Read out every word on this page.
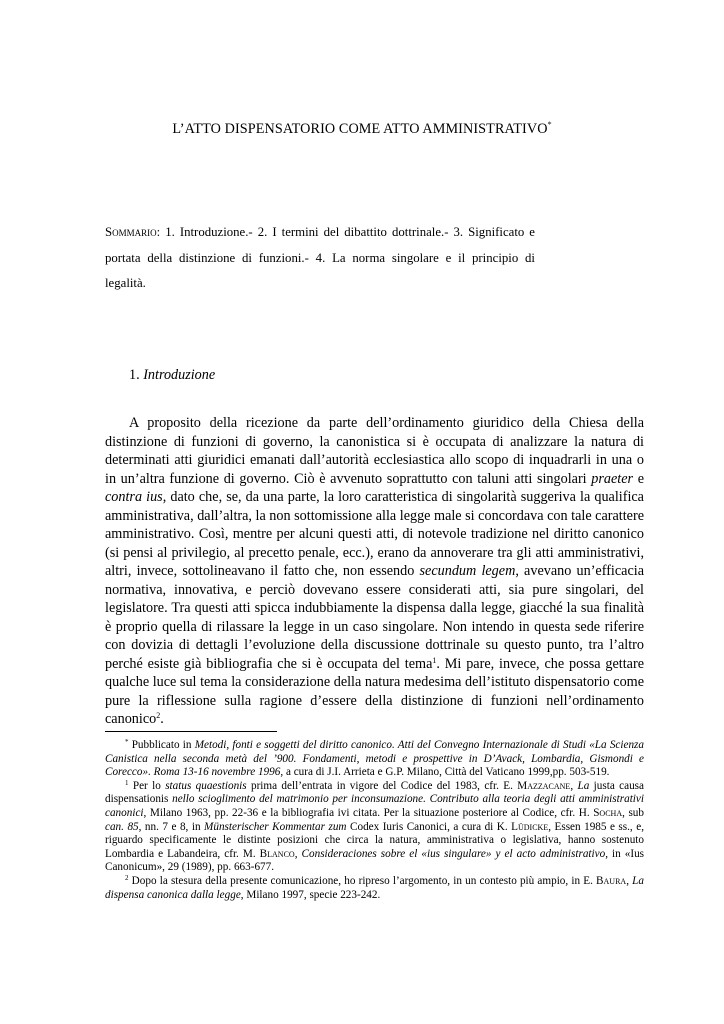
L’ATTO DISPENSATORIO COME ATTO AMMINISTRATIVO*
Sommario: 1. Introduzione.- 2. I termini del dibattito dottrinale.- 3. Significato e portata della distinzione di funzioni.- 4. La norma singolare e il principio di legalità.
1. Introduzione
A proposito della ricezione da parte dell’ordinamento giuridico della Chiesa della distinzione di funzioni di governo, la canonistica si è occupata di analizzare la natura di determinati atti giuridici emanati dall’autorità ecclesiastica allo scopo di inquadrarli in una o in un’altra funzione di governo. Ciò è avvenuto soprattutto con taluni atti singolari praeter e contra ius, dato che, se, da una parte, la loro caratteristica di singolarità suggeriva la qualifica amministrativa, dall’altra, la non sottomissione alla legge male si concordava con tale carattere amministrativo. Così, mentre per alcuni questi atti, di notevole tradizione nel diritto canonico (si pensi al privilegio, al precetto penale, ecc.), erano da annoverare tra gli atti amministrativi, altri, invece, sottolineavano il fatto che, non essendo secundum legem, avevano un’efficacia normativa, innovativa, e perciò dovevano essere considerati atti, sia pure singolari, del legislatore. Tra questi atti spicca indubbiamente la dispensa dalla legge, giacché la sua finalità è proprio quella di rilassare la legge in un caso singolare. Non intendo in questa sede riferire con dovizia di dettagli l’evoluzione della discussione dottrinale su questo punto, tra l’altro perché esiste già bibliografia che si è occupata del tema$^1$. Mi pare, invece, che possa gettare qualche luce sul tema la considerazione della natura medesima dell’istituto dispensatorio come pure la riflessione sulla ragione d’essere della distinzione di funzioni nell’ordinamento canonico$^2$.

* Pubblicato in Metodi, fonti e soggetti del diritto canonico. Atti del Convegno Internazionale di Studi «La Scienza Canistica nella seconda metà del ’900. Fondamenti, metodi e prospettive in D’Avack, Lombardia, Gismondi e Corecco». Roma 13-16 novembre 1996, a cura di J.I. Arrieta e G.P. Milano, Città del Vaticano 1999,pp. 503-519.

$^1$ Per lo status quaestionis prima dell’entrata in vigore del Codice del 1983, cfr. E. Mazzacane, La justa causa dispensationis nello scioglimento del matrimonio per inconsumazione. Contributo alla teoria degli atti amministrativi canonici, Milano 1963, pp. 22-36 e la bibliografia ivi citata. Per la situazione posteriore al Codice, cfr. H. Socha, sub can. 85, nn. 7 e 8, in Münsterischer Kommentar zum Codex Iuris Canonici, a cura di K. Lüdicke, Essen 1985 e ss., e, riguardo specificamente le distinte posizioni che circa la natura, amministrativa o legislativa, hanno sostenuto Lombardia e Labandeira, cfr. M. Blanco, Consideraciones sobre el «ius singulare» y el acto administrativo, in «Ius Canonicum», 29 (1989), pp. 663-677.

$^2$ Dopo la stesura della presente comunicazione, ho ripreso l’argomento, in un contesto più ampio, in E. Baura, La dispensa canonica dalla legge, Milano 1997, specie 223-242.
